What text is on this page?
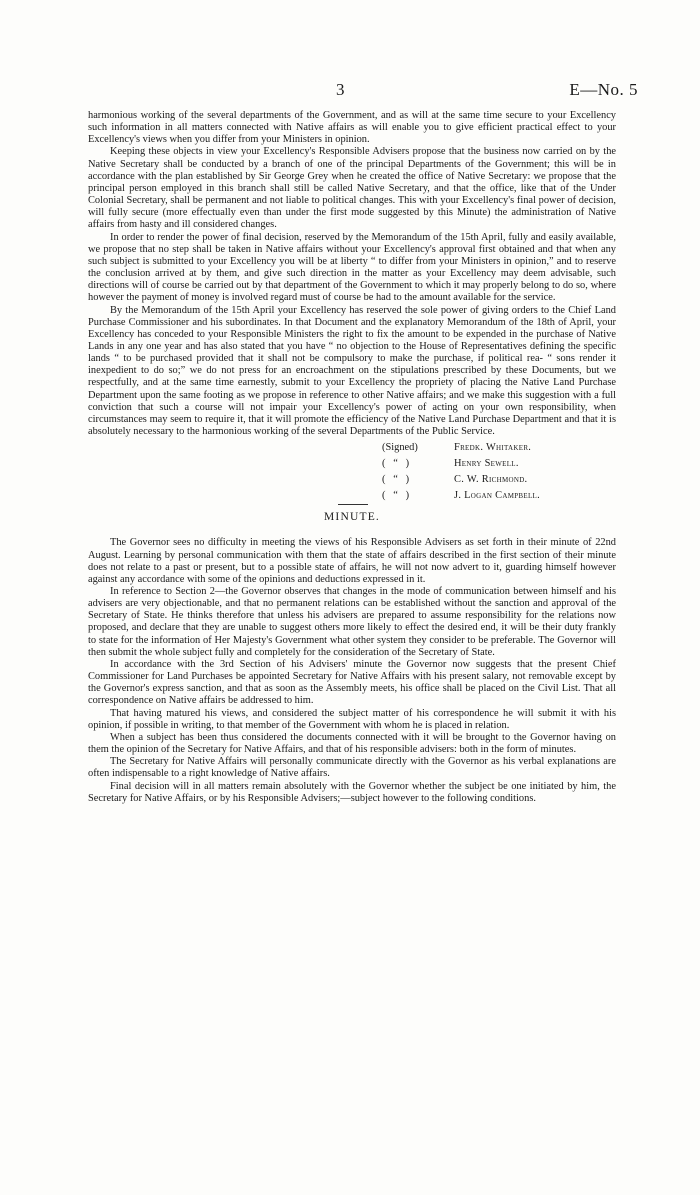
3	E—No. 5

harmonious working of the several departments of the Government, and as will at the same time secure to your Excellency such information in all matters connected with Native affairs as will enable you to give efficient practical effect to your Excellency's views when you differ from your Ministers in opinion.

Keeping these objects in view your Excellency's Responsible Advisers propose that the business now carried on by the Native Secretary shall be conducted by a branch of one of the principal Departments of the Government; this will be in accordance with the plan established by Sir George Grey when he created the office of Native Secretary: we propose that the principal person employed in this branch shall still be called Native Secretary, and that the office, like that of the Under Colonial Secretary, shall be permanent and not liable to political changes. This with your Excellency's final power of decision, will fully secure (more effectually even than under the first mode suggested by this Minute) the administration of Native affairs from hasty and ill considered changes.

In order to render the power of final decision, reserved by the Memorandum of the 15th April, fully and easily available, we propose that no step shall be taken in Native affairs without your Excellency's approval first obtained and that when any such subject is submitted to your Excellency you will be at liberty “ to differ from your Ministers in opinion,” and to reserve the conclusion arrived at by them, and give such direction in the matter as your Excellency may deem advisable, such directions will of course be carried out by that department of the Government to which it may properly belong to do so, where however the payment of money is involved regard must of course be had to the amount available for the service.

By the Memorandum of the 15th April your Excellency has reserved the sole power of giving orders to the Chief Land Purchase Commissioner and his subordinates. In that Document and the explanatory Memorandum of the 18th of April, your Excellency has conceded to your Responsible Ministers the right to fix the amount to be expended in the purchase of Native Lands in any one year and has also stated that you have “ no objection to the House of Representatives defining the specific lands “ to be purchased provided that it shall not be compulsory to make the purchase, if political rea- “ sons render it inexpedient to do so;” we do not press for an encroachment on the stipulations prescribed by these Documents, but we respectfully, and at the same time earnestly, submit to your Excellency the propriety of placing the Native Land Purchase Department upon the same footing as we propose in reference to other Native affairs; and we make this suggestion with a full conviction that such a course will not impair your Excellency's power of acting on your own responsibility, when circumstances may seem to require it, that it will promote the efficiency of the Native Land Purchase Department and that it is absolutely necessary to the harmonious working of the several Departments of the Public Service.

(Signed)	Fredk. Whitaker.
(   “   )	Henry Sewell.
(   “   )	C. W. Richmond.
(   “   )	J. Logan Campbell.
MINUTE.

The Governor sees no difficulty in meeting the views of his Responsible Advisers as set forth in their minute of 22nd August. Learning by personal communication with them that the state of affairs described in the first section of their minute does not relate to a past or present, but to a possible state of affairs, he will not now advert to it, guarding himself however against any accordance with some of the opinions and deductions expressed in it.

In reference to Section 2—the Governor observes that changes in the mode of communication between himself and his advisers are very objectionable, and that no permanent relations can be established without the sanction and approval of the Secretary of State. He thinks therefore that unless his advisers are prepared to assume responsibility for the relations now proposed, and declare that they are unable to suggest others more likely to effect the desired end, it will be their duty frankly to state for the information of Her Majesty's Government what other system they consider to be preferable. The Governor will then submit the whole subject fully and completely for the consideration of the Secretary of State.

In accordance with the 3rd Section of his Advisers' minute the Governor now suggests that the present Chief Commissioner for Land Purchases be appointed Secretary for Native Affairs with his present salary, not removable except by the Governor's express sanction, and that as soon as the Assembly meets, his office shall be placed on the Civil List. That all correspondence on Native affairs be addressed to him.

That having matured his views, and considered the subject matter of his correspondence he will submit it with his opinion, if possible in writing, to that member of the Government with whom he is placed in relation.

When a subject has been thus considered the documents connected with it will be brought to the Governor having on them the opinion of the Secretary for Native Affairs, and that of his responsible advisers: both in the form of minutes.

The Secretary for Native Affairs will personally communicate directly with the Governor as his verbal explanations are often indispensable to a right knowledge of Native affairs.

Final decision will in all matters remain absolutely with the Governor whether the subject be one initiated by him, the Secretary for Native Affairs, or by his Responsible Advisers;—subject however to the following conditions.
